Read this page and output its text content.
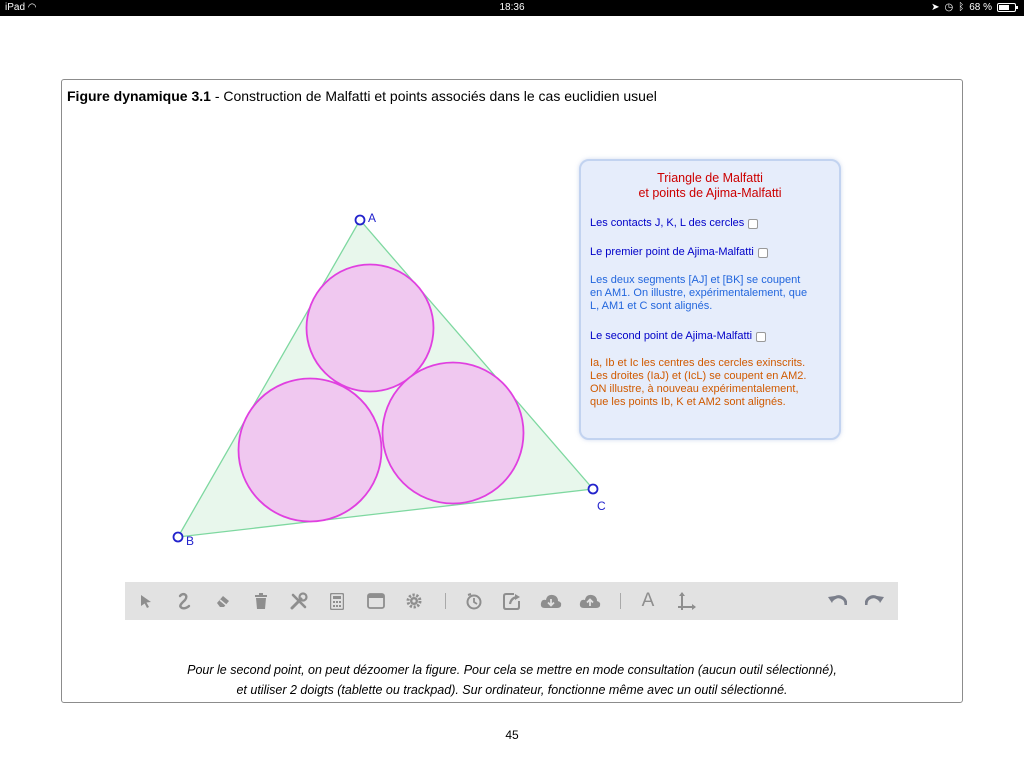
iPad ◠	18:36	➤ ◷ ᛒ 68 %
Figure dynamique 3.1 - Construction de Malfatti et points associés dans le cas euclidien usuel
A
B
C
Triangle de Malfatti
et points de Ajima-Malfatti
Les contacts J, K, L des cercles
Le premier point de Ajima-Malfatti
Les deux segments [AJ] et [BK] se coupent
en AM1. On illustre, expérimentalement, que
L, AM1 et C sont alignés.
Le second point de Ajima-Malfatti
Ia, Ib et Ic les centres des cercles exinscrits.
Les droites (IaJ) et (IcL) se coupent en AM2.
ON illustre, à nouveau expérimentalement,
que les points Ib, K et AM2 sont alignés.
A
Pour le second point, on peut dézoomer la figure. Pour cela se mettre en mode consultation (aucun outil sélectionné),
et utiliser 2 doigts (tablette ou trackpad). Sur ordinateur, fonctionne même avec un outil sélectionné.
45
